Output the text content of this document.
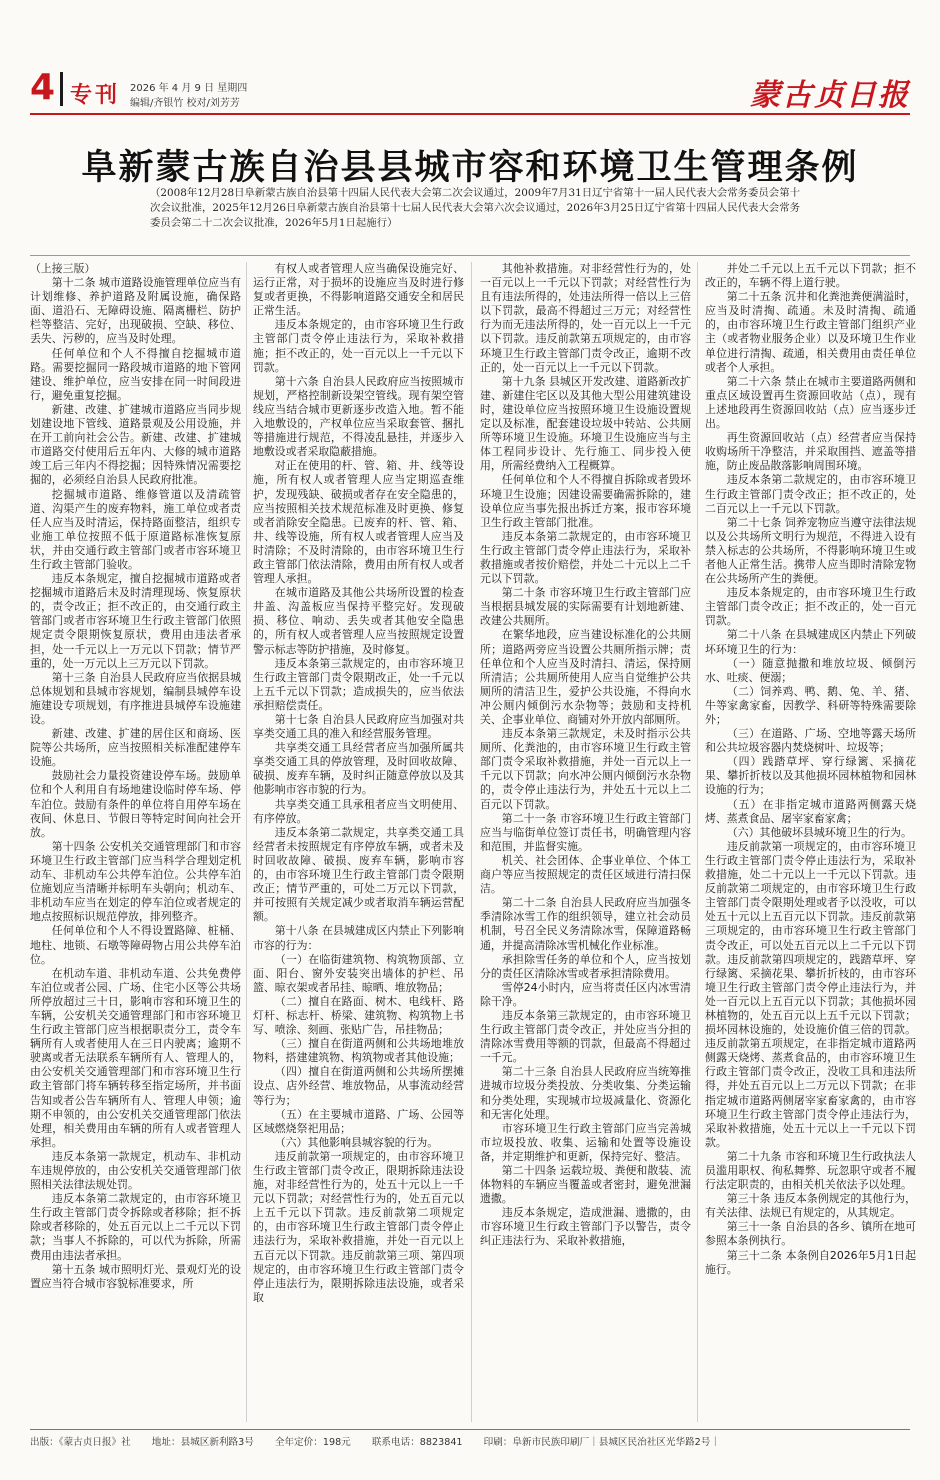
4 专刊 2026 年 4 月 9 日 星期四
编辑/齐银竹 校对/刘芳芳	蒙古贞日报
阜新蒙古族自治县县城市容和环境卫生管理条例
（2008年12月28日阜新蒙古族自治县第十四届人民代表大会第二次会议通过，2009年7月31日辽宁省第十一届人民代表大会常务委员会第十次会议批准，2025年12月26日阜新蒙古族自治县第十七届人民代表大会第六次会议通过，2026年3月25日辽宁省第十四届人民代表大会常务委员会第二十二次会议批准，2026年5月1日起施行）

（上接三版）

第十二条 城市道路设施管理单位应当有计划维修、养护道路及附属设施，确保路面、道沿石、无障碍设施、隔离栅栏、防护栏等整洁、完好，出现破损、空缺、移位、丢失、污秽的，应当及时处理。

任何单位和个人不得擅自挖掘城市道路。需要挖掘同一路段城市道路的地下管网建设、维护单位，应当安排在同一时间段进行，避免重复挖掘。

新建、改建、扩建城市道路应当同步规划建设地下管线、道路景观及公用设施，并在开工前向社会公告。新建、改建、扩建城市道路交付使用后五年内、大修的城市道路竣工后三年内不得挖掘；因特殊情况需要挖掘的，必须经自治县人民政府批准。

挖掘城市道路、维修管道以及清疏管道、沟渠产生的废弃物料，施工单位或者责任人应当及时清运，保持路面整洁，组织专业施工单位按照不低于原道路标准恢复原状，并由交通行政主管部门或者市容环境卫生行政主管部门验收。

违反本条规定，擅自挖掘城市道路或者挖掘城市道路后未及时清理现场、恢复原状的，责令改正；拒不改正的，由交通行政主管部门或者市容环境卫生行政主管部门依照规定责令限期恢复原状，费用由违法者承担，处一千元以上一万元以下罚款；情节严重的，处一万元以上三万元以下罚款。

第十三条 自治县人民政府应当依据县城总体规划和县城市容规划，编制县城停车设施建设专项规划，有序推进县城停车设施建设。

新建、改建、扩建的居住区和商场、医院等公共场所，应当按照相关标准配建停车设施。

鼓励社会力量投资建设停车场。鼓励单位和个人利用自有场地建设临时停车场、停车泊位。鼓励有条件的单位将自用停车场在夜间、休息日、节假日等特定时间向社会开放。

第十四条 公安机关交通管理部门和市容环境卫生行政主管部门应当科学合理划定机动车、非机动车公共停车泊位。公共停车泊位施划应当清晰并标明车头朝向；机动车、非机动车应当在划定的停车泊位或者规定的地点按照标识规范停放，排列整齐。

任何单位和个人不得设置路障、桩桶、地柱、地锁、石墩等障碍物占用公共停车泊位。

在机动车道、非机动车道、公共免费停车泊位或者公园、广场、住宅小区等公共场所停放超过三十日，影响市容和环境卫生的车辆，公安机关交通管理部门和市容环境卫生行政主管部门应当根据职责分工，责令车辆所有人或者使用人在三日内驶离；逾期不驶离或者无法联系车辆所有人、管理人的，由公安机关交通管理部门和市容环境卫生行政主管部门将车辆转移至指定场所，并书面告知或者公告车辆所有人、管理人申领；逾期不申领的，由公安机关交通管理部门依法处理，相关费用由车辆的所有人或者管理人承担。

违反本条第一款规定，机动车、非机动车违规停放的，由公安机关交通管理部门依照相关法律法规处罚。

违反本条第二款规定的，由市容环境卫生行政主管部门责令拆除或者移除；拒不拆除或者移除的，处五百元以上二千元以下罚款；当事人不拆除的，可以代为拆除，所需费用由违法者承担。

第十五条 城市照明灯光、景观灯光的设置应当符合城市容貌标准要求，所

有权人或者管理人应当确保设施完好、运行正常，对于损坏的设施应当及时进行修复或者更换，不得影响道路交通安全和居民正常生活。

违反本条规定的，由市容环境卫生行政主管部门责令停止违法行为，采取补救措施；拒不改正的，处一百元以上一千元以下罚款。

第十六条 自治县人民政府应当按照城市规划，严格控制新设架空管线。现有架空管线应当结合城市更新逐步改造入地。暂不能入地敷设的，产权单位应当采取套管、捆扎等措施进行规范，不得凌乱悬挂，并逐步入地敷设或者采取隐蔽措施。

对正在使用的杆、管、箱、井、线等设施，所有权人或者管理人应当定期巡查维护，发现残缺、破损或者存在安全隐患的，应当按照相关技术规范标准及时更换、修复或者消除安全隐患。已废弃的杆、管、箱、井、线等设施，所有权人或者管理人应当及时清除；不及时清除的，由市容环境卫生行政主管部门依法清除，费用由所有权人或者管理人承担。

在城市道路及其他公共场所设置的检查井盖、沟盖板应当保持平整完好。发现破损、移位、响动、丢失或者其他安全隐患的，所有权人或者管理人应当按照规定设置警示标志等防护措施，及时修复。

违反本条第三款规定的，由市容环境卫生行政主管部门责令限期改正，处一千元以上五千元以下罚款；造成损失的，应当依法承担赔偿责任。

第十七条 自治县人民政府应当加强对共享类交通工具的准入和经营服务管理。

共享类交通工具经营者应当加强所属共享类交通工具的停放管理，及时回收故障、破损、废弃车辆，及时纠正随意停放以及其他影响市容市貌的行为。

共享类交通工具承租者应当文明使用、有序停放。

违反本条第二款规定，共享类交通工具经营者未按照规定有序停放车辆，或者未及时回收故障、破损、废弃车辆，影响市容的，由市容环境卫生行政主管部门责令限期改正；情节严重的，可处二万元以下罚款，并可按照有关规定减少或者取消车辆运营配额。

第十八条 在县城建成区内禁止下列影响市容的行为：

（一）在临街建筑物、构筑物顶部、立面、阳台、窗外安装突出墙体的护栏、吊篮、晾衣架或者吊挂、晾晒、堆放物品；

（二）擅自在路面、树木、电线杆、路灯杆、标志杆、桥梁、建筑物、构筑物上书写、喷涂、刻画、张贴广告，吊挂物品；

（三）擅自在街道两侧和公共场地堆放物料，搭建建筑物、构筑物或者其他设施；

（四）擅自在街道两侧和公共场所摆摊设点、店外经营、堆放物品，从事流动经营等行为；

（五）在主要城市道路、广场、公园等区域燃烧祭祀用品；

（六）其他影响县城容貌的行为。

违反前款第一项规定的，由市容环境卫生行政主管部门责令改正，限期拆除违法设施，对非经营性行为的，处五十元以上一千元以下罚款；对经营性行为的，处五百元以上五千元以下罚款。违反前款第二项规定的，由市容环境卫生行政主管部门责令停止违法行为，采取补救措施，并处一百元以上五百元以下罚款。违反前款第三项、第四项规定的，由市容环境卫生行政主管部门责令停止违法行为，限期拆除违法设施，或者采取

其他补救措施。对非经营性行为的，处一百元以上一千元以下罚款；对经营性行为且有违法所得的，处违法所得一倍以上三倍以下罚款，最高不得超过三万元；对经营性行为而无违法所得的，处一百元以上一千元以下罚款。违反前款第五项规定的，由市容环境卫生行政主管部门责令改正，逾期不改正的，处一百元以上一千元以下罚款。

第十九条 县城区开发改建、道路新改扩建、新建住宅区以及其他大型公用建筑建设时，建设单位应当按照环境卫生设施设置规定以及标准，配套建设垃圾中转站、公共厕所等环境卫生设施。环境卫生设施应当与主体工程同步设计、先行施工、同步投入使用，所需经费纳入工程概算。

任何单位和个人不得擅自拆除或者毁坏环境卫生设施；因建设需要确需拆除的，建设单位应当事先报出拆迁方案，报市容环境卫生行政主管部门批准。

违反本条第二款规定的，由市容环境卫生行政主管部门责令停止违法行为，采取补救措施或者按价赔偿，并处二十元以上二千元以下罚款。

第二十条 市容环境卫生行政主管部门应当根据县城发展的实际需要有计划地新建、改建公共厕所。

在繁华地段，应当建设标准化的公共厕所；道路两旁应当设置公共厕所指示牌；责任单位和个人应当及时清扫、清运，保持厕所清洁；公共厕所使用人应当自觉维护公共厕所的清洁卫生，爱护公共设施，不得向水冲公厕内倾倒污水杂物等；鼓励和支持机关、企事业单位、商铺对外开放内部厕所。

违反本条第三款规定，未及时指示公共厕所、化粪池的，由市容环境卫生行政主管部门责令采取补救措施，并处一百元以上一千元以下罚款；向水冲公厕内倾倒污水杂物的，责令停止违法行为，并处五十元以上二百元以下罚款。

第二十一条 市容环境卫生行政主管部门应当与临街单位签订责任书，明确管理内容和范围，并监督实施。

机关、社会团体、企事业单位、个体工商户等应当按照规定的责任区域进行清扫保洁。

第二十二条 自治县人民政府应当加强冬季清除冰雪工作的组织领导，建立社会动员机制，号召全民义务清除冰雪，保障道路畅通，并提高清除冰雪机械化作业标准。

承担除雪任务的单位和个人，应当按划分的责任区清除冰雪或者承担清除费用。

雪停24小时内，应当将责任区内冰雪清除干净。

违反本条第三款规定的，由市容环境卫生行政主管部门责令改正，并处应当分担的清除冰雪费用等额的罚款，但最高不得超过一千元。

第二十三条 自治县人民政府应当统筹推进城市垃圾分类投放、分类收集、分类运输和分类处理，实现城市垃圾减量化、资源化和无害化处理。

市容环境卫生行政主管部门应当完善城市垃圾投放、收集、运输和处置等设施设备，并定期维护和更新，保持完好、整洁。

第二十四条 运载垃圾、粪便和散装、流体物料的车辆应当覆盖或者密封，避免泄漏遗撒。

违反本条规定，造成泄漏、遗撒的，由市容环境卫生行政主管部门予以警告，责令纠正违法行为、采取补救措施，

并处二千元以上五千元以下罚款；拒不改正的，车辆不得上道行驶。

第二十五条 沉井和化粪池粪便满溢时，应当及时清掏、疏通。未及时清掏、疏通的，由市容环境卫生行政主管部门组织产业主（或者物业服务企业）以及环境卫生作业单位进行清掏、疏通，相关费用由责任单位或者个人承担。

第二十六条 禁止在城市主要道路两侧和重点区域设置再生资源回收站（点），现有上述地段再生资源回收站（点）应当逐步迁出。

再生资源回收站（点）经营者应当保持收购场所干净整洁，并采取围挡、遮盖等措施，防止废品散落影响周围环境。

违反本条第二款规定的，由市容环境卫生行政主管部门责令改正；拒不改正的，处二百元以上一千元以下罚款。

第二十七条 饲养宠物应当遵守法律法规以及公共场所文明行为规范，不得进入设有禁入标志的公共场所，不得影响环境卫生或者他人正常生活。携带人应当即时清除宠物在公共场所产生的粪便。

违反本条规定的，由市容环境卫生行政主管部门责令改正；拒不改正的，处一百元罚款。

第二十八条 在县城建成区内禁止下列破坏环境卫生的行为：

（一）随意抛撒和堆放垃圾、倾倒污水、吐痰、便溺；

（二）饲养鸡、鸭、鹅、兔、羊、猪、牛等家禽家畜，因教学、科研等特殊需要除外；

（三）在道路、广场、空地等露天场所和公共垃圾容器内焚烧树叶、垃圾等；

（四）践踏草坪、穿行绿篱、采摘花果、攀折折枝以及其他损坏园林植物和园林设施的行为；

（五）在非指定城市道路两侧露天烧烤、蒸煮食品、屠宰家畜家禽；

（六）其他破坏县城环境卫生的行为。

违反前款第一项规定的，由市容环境卫生行政主管部门责令停止违法行为，采取补救措施，处二十元以上一千元以下罚款。违反前款第二项规定的，由市容环境卫生行政主管部门责令限期处理或者予以没收，可以处五十元以上五百元以下罚款。违反前款第三项规定的，由市容环境卫生行政主管部门责令改正，可以处五百元以上二千元以下罚款。违反前款第四项规定的，践踏草坪、穿行绿篱、采摘花果、攀折折枝的，由市容环境卫生行政主管部门责令停止违法行为，并处一百元以上五百元以下罚款；其他损坏园林植物的，处五百元以上五千元以下罚款；损坏园林设施的，处设施价值三倍的罚款。违反前款第五项规定，在非指定城市道路两侧露天烧烤、蒸煮食品的，由市容环境卫生行政主管部门责令改正，没收工具和违法所得，并处五百元以上二万元以下罚款；在非指定城市道路两侧屠宰家畜家禽的，由市容环境卫生行政主管部门责令停止违法行为，采取补救措施，处五十元以上一千元以下罚款。

第二十九条 市容和环境卫生行政执法人员滥用职权、徇私舞弊、玩忽职守或者不履行法定职责的，由相关机关依法予以处理。

第三十条 违反本条例规定的其他行为，有关法律、法规已有规定的，从其规定。

第三十一条 自治县的各乡、镇所在地可参照本条例执行。

第三十二条 本条例自2026年5月1日起施行。

出版：《蒙古贞日报》社 地址：县城区新利路3号 全年定价：198元 联系电话：8823841 印刷：阜新市民族印刷厂｜县城区民治社区光华路2号｜
